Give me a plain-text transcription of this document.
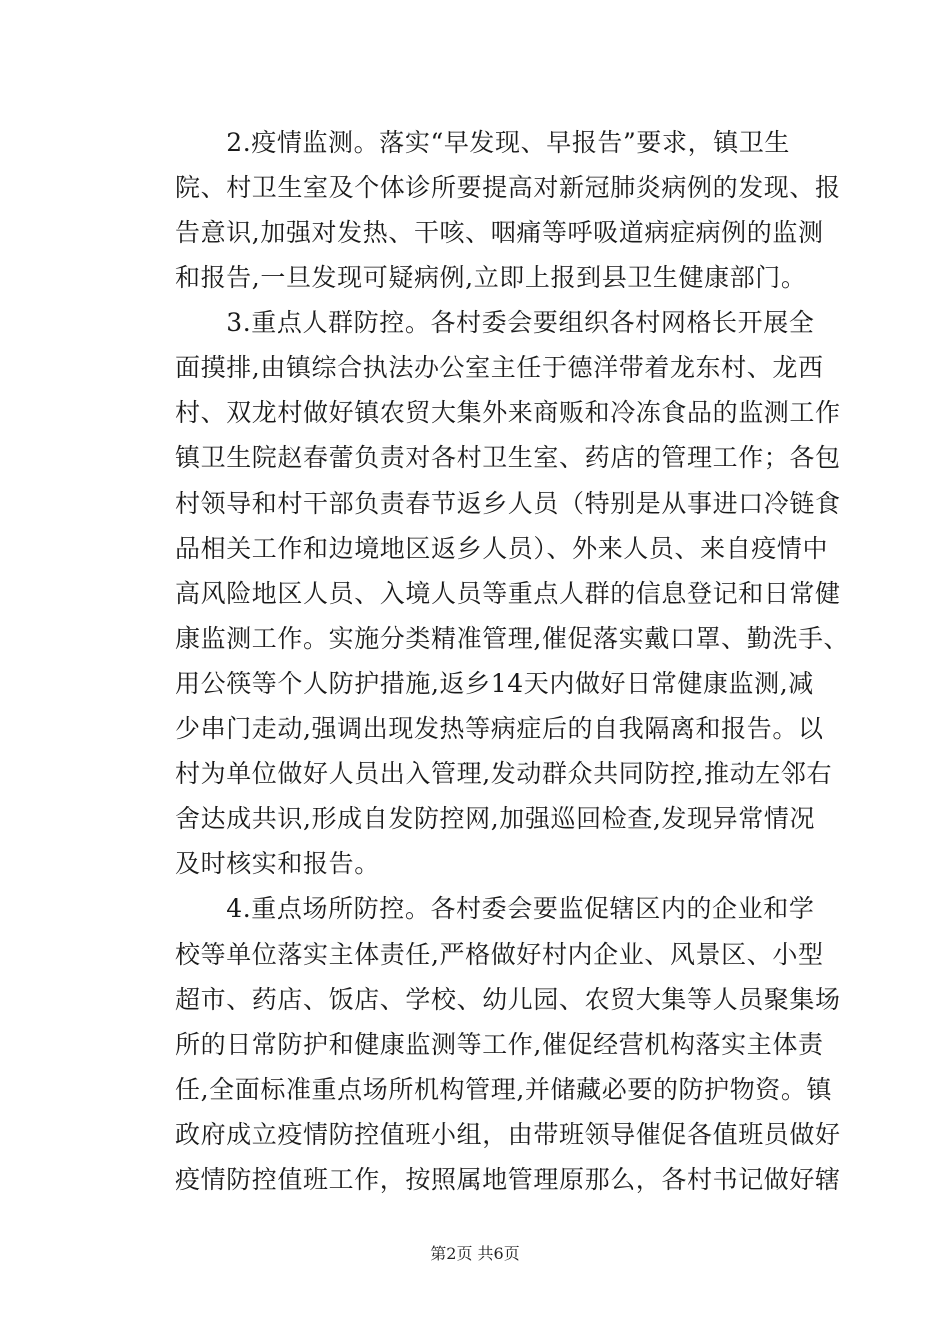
　　2.疫情监测。落实“早发现、早报告”要求，镇卫生
院、村卫生室及个体诊所要提高对新冠肺炎病例的发现、报
告意识,加强对发热、干咳、咽痛等呼吸道病症病例的监测
和报告,一旦发现可疑病例,立即上报到县卫生健康部门。
　　3.重点人群防控。各村委会要组织各村网格长开展全
面摸排,由镇综合执法办公室主任于德洋带着龙东村、龙西
村、双龙村做好镇农贸大集外来商贩和冷冻食品的监测工作
镇卫生院赵春蕾负责对各村卫生室、药店的管理工作；各包
村领导和村干部负责春节返乡人员（特别是从事进口冷链食
品相关工作和边境地区返乡人员）、外来人员、来自疫情中
高风险地区人员、入境人员等重点人群的信息登记和日常健
康监测工作。实施分类精准管理,催促落实戴口罩、勤洗手、
用公筷等个人防护措施,返乡14天内做好日常健康监测,减
少串门走动,强调出现发热等病症后的自我隔离和报告。以
村为单位做好人员出入管理,发动群众共同防控,推动左邻右
舍达成共识,形成自发防控网,加强巡回检查,发现异常情况
及时核实和报告。
　　4.重点场所防控。各村委会要监促辖区内的企业和学
校等单位落实主体责任,严格做好村内企业、风景区、小型
超市、药店、饭店、学校、幼儿园、农贸大集等人员聚集场
所的日常防护和健康监测等工作,催促经营机构落实主体责
任,全面标准重点场所机构管理,并储藏必要的防护物资。镇
政府成立疫情防控值班小组，由带班领导催促各值班员做好
疫情防控值班工作，按照属地管理原那么，各村书记做好辖
第2页 共6页
